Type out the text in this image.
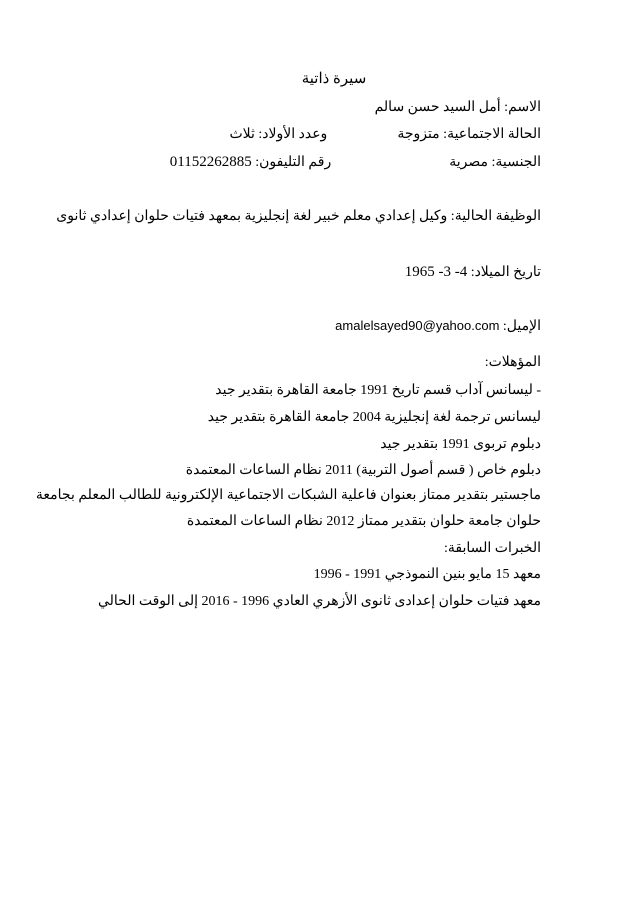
سيرة ذاتية
الاسم: أمل السيد حسن سالم
الحالة الاجتماعية: متزوجةوعدد الأولاد: ثلاث
الجنسية: مصريةرقم التليفون: 01152262885
الوظيفة الحالية: وكيل إعدادي معلم خبير لغة إنجليزية بمعهد فتيات حلوان إعدادي ثانوى
تاريخ الميلاد: 4- 3- 1965
الإميل: amalelsayed90@yahoo.com
المؤهلات:
- ليسانس آداب قسم تاريخ 1991 جامعة القاهرة بتقدير جيد
ليسانس ترجمة لغة إنجليزية 2004 جامعة القاهرة بتقدير جيد
دبلوم تربوى 1991 بتقدير جيد
دبلوم خاص ( قسم أصول التربية) 2011 نظام الساعات المعتمدة
ماجستير بتقدير ممتاز بعنوان فاعلية الشبكات الاجتماعية الإلكترونية للطالب المعلم بجامعة
حلوان جامعة حلوان بتقدير ممتاز 2012 نظام الساعات المعتمدة
الخبرات السابقة:
معهد 15 مايو بنين النموذجي 1991 - 1996
معهد فتيات حلوان إعدادى ثانوى الأزهري العادي 1996 - 2016 إلى الوقت الحالي
